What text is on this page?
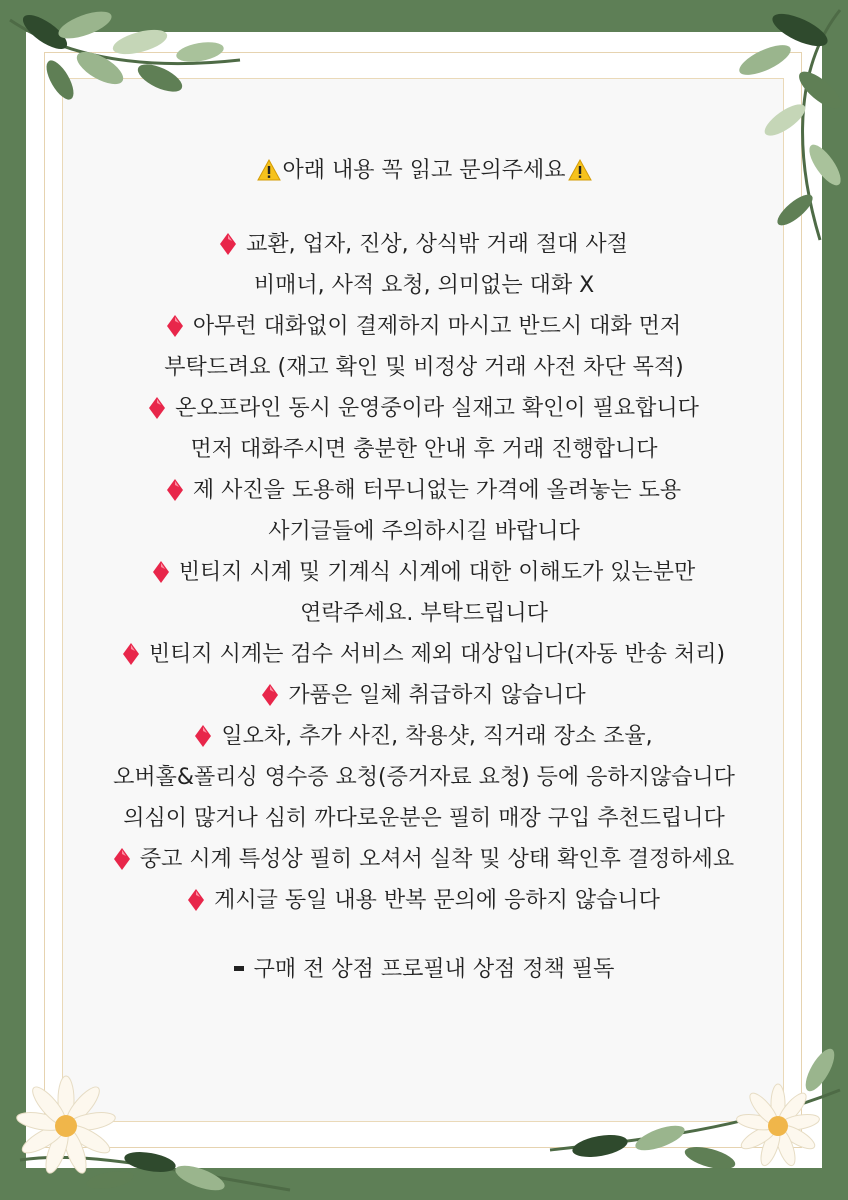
아래 내용 꼭 읽고 문의주세요
교환, 업자, 진상, 상식밖 거래 절대 사절
비매너, 사적 요청, 의미없는 대화 X
아무런 대화없이 결제하지 마시고 반드시 대화 먼저
부탁드려요 (재고 확인 및 비정상 거래 사전 차단 목적)
온오프라인 동시 운영중이라 실재고 확인이 필요합니다
먼저 대화주시면 충분한 안내 후 거래 진행합니다
제 사진을 도용해 터무니없는 가격에 올려놓는 도용
사기글들에 주의하시길 바랍니다
빈티지 시계 및 기계식 시계에 대한 이해도가 있는분만
연락주세요. 부탁드립니다
빈티지 시계는 검수 서비스 제외 대상입니다(자동 반송 처리)
가품은 일체 취급하지 않습니다
일오차, 추가 사진, 착용샷, 직거래 장소 조율,
오버홀&폴리싱 영수증 요청(증거자료 요청) 등에 응하지않습니다
의심이 많거나 심히 까다로운분은 필히 매장 구입 추천드립니다
중고 시계 특성상 필히 오셔서 실착 및 상태 확인후 결정하세요
게시글 동일 내용 반복 문의에 응하지 않습니다
구매 전 상점 프로필내 상점 정책 필독
